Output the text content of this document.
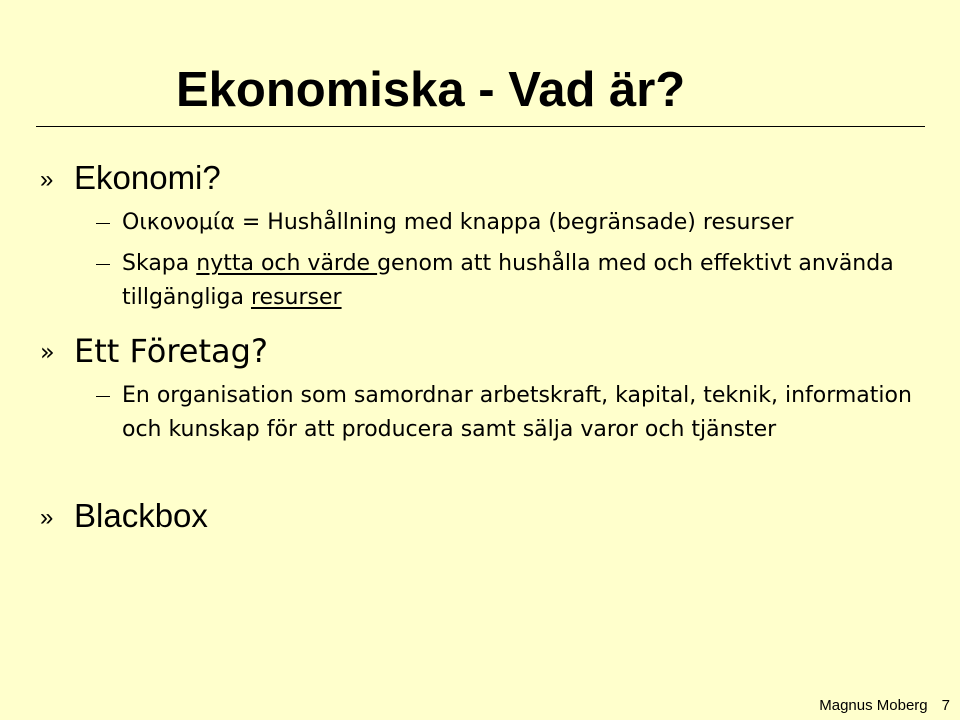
Ekonomiska - Vad är?
» Ekonomi?
Oικονομία = Hushållning med knappa (begränsade) resurser
Skapa nytta och värde genom att hushålla med och effektivt använda tillgängliga resurser
» Ett Företag?
En organisation som samordnar arbetskraft, kapital, teknik, information och kunskap för att producera samt sälja varor och tjänster
» Blackbox
Magnus Moberg 7
